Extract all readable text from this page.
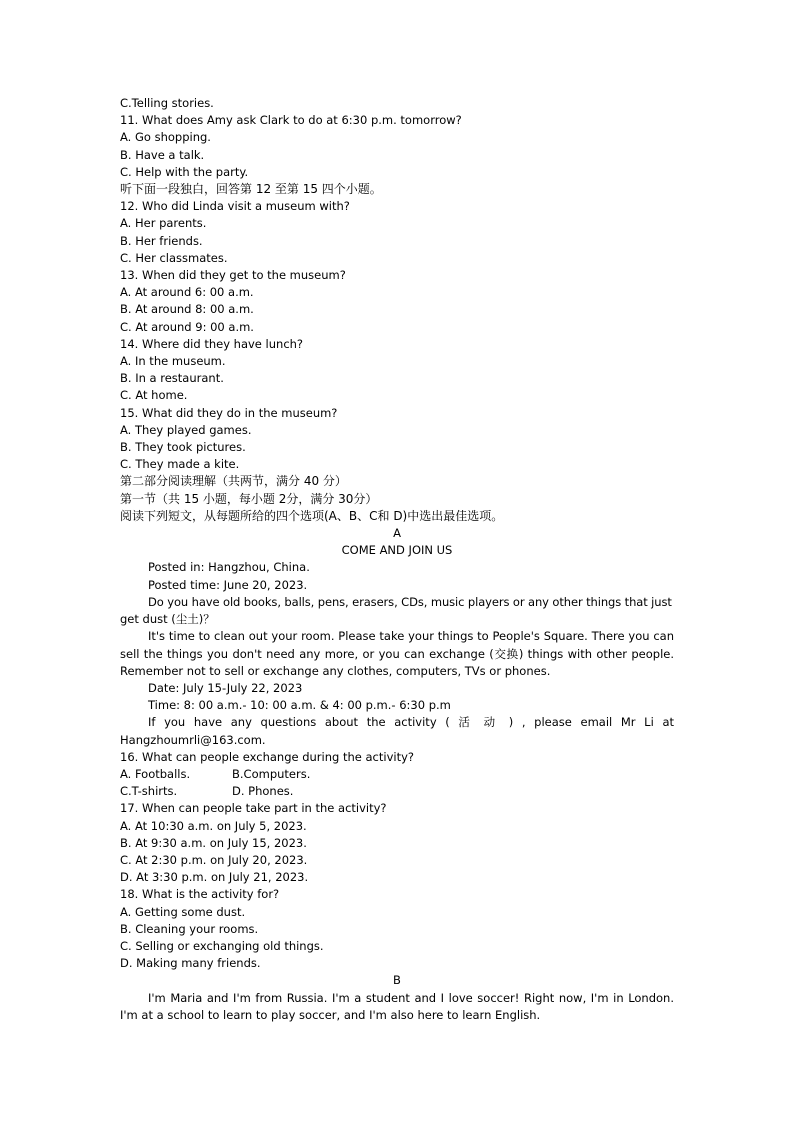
C.Telling stories.
11. What does Amy ask Clark to do at 6:30 p.m. tomorrow?
A. Go shopping.
B. Have a talk.
C. Help with the party.
听下面一段独白，回答第 12 至第 15 四个小题。
12. Who did Linda visit a museum with?
A. Her parents.
B. Her friends.
C. Her classmates.
13. When did they get to the museum?
A. At around 6: 00 a.m.
B. At around 8: 00 a.m.
C. At around 9: 00 a.m.
14. Where did they have lunch?
A. In the museum.
B. In a restaurant.
C. At home.
15. What did they do in the museum?
A. They played games.
B. They took pictures.
C. They made a kite.
第二部分阅读理解（共两节，满分 40 分）
第一节（共 15 小题，每小题 2分，满分 30分）
阅读下列短文，从每题所给的四个选项(A、B、C和 D)中选出最佳选项。
A
COME AND JOIN US
Posted in: Hangzhou, China.
Posted time: June 20, 2023.
Do you have old books, balls, pens, erasers, CDs, music players or any other things that just
get dust (尘土)？
It's time to clean out your room. Please take your things to People's Square. There you can sell the things you don't need any more, or you can exchange (交换) things with other people. Remember not to sell or exchange any clothes, computers, TVs or phones.
Date: July 15-July 22, 2023
Time: 8: 00 a.m.- 10: 00 a.m. & 4: 00 p.m.- 6:30 p.m
If you have any questions about the activity ( 活 动 ) , please email Mr Li at
Hangzhoumrli@163.com.
16. What can people exchange during the activity?
A. Footballs.	B.Computers.
C.T-shirts.	D. Phones.
17. When can people take part in the activity?
A. At 10:30 a.m. on July 5, 2023.
B. At 9:30 a.m. on July 15, 2023.
C. At 2:30 p.m. on July 20, 2023.
D. At 3:30 p.m. on July 21, 2023.
18. What is the activity for?
A. Getting some dust.
B. Cleaning your rooms.
C. Selling or exchanging old things.
D. Making many friends.
B
I'm Maria and I'm from Russia. I'm a student and I love soccer! Right now, I'm in London. I'm at a school to learn to play soccer, and I'm also here to learn English.
